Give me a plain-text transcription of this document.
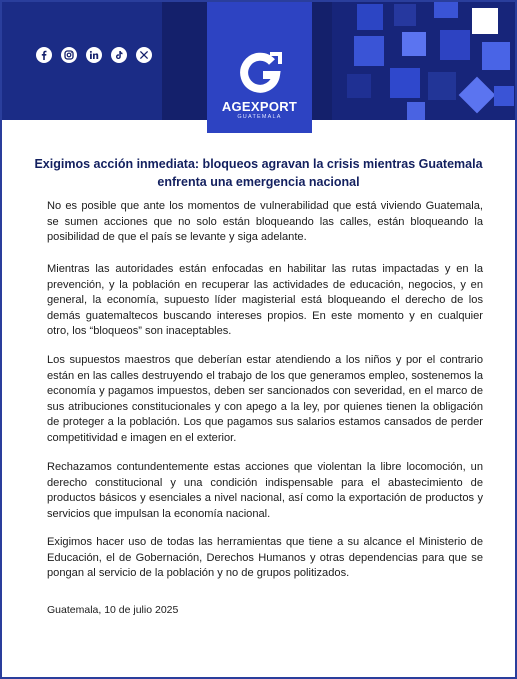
AGEXPORT
GUATEMALA
Exigimos acción inmediata: bloqueos agravan la crisis mientras Guatemala enfrenta una emergencia nacional

No es posible que ante los momentos de vulnerabilidad que está viviendo Guatemala, se sumen acciones que no solo están bloqueando las calles, están bloqueando la posibilidad de que el país se levante y siga adelante.

Mientras las autoridades están enfocadas en habilitar las rutas impactadas y en la prevención, y la población en recuperar las actividades de educación, negocios, y en general, la economía, supuesto líder magisterial está bloqueando el derecho de los demás guatemaltecos buscando intereses propios. En este momento y en cualquier otro, los “bloqueos” son inaceptables.

Los supuestos maestros que deberían estar atendiendo a los niños y por el contrario están en las calles destruyendo el trabajo de los que generamos empleo, sostenemos la economía y pagamos impuestos, deben ser sancionados con severidad, en el marco de sus atribuciones constitucionales y con apego a la ley, por quienes tienen la obligación de proteger a la población. Los que pagamos sus salarios estamos cansados de perder competitividad e imagen en el exterior.

Rechazamos contundentemente estas acciones que violentan la libre locomoción, un derecho constitucional y una condición indispensable para el abastecimiento de productos básicos y esenciales a nivel nacional, así como la exportación de productos y servicios que impulsan la economía nacional.

Exigimos hacer uso de todas las herramientas que tiene a su alcance el Ministerio de Educación, el de Gobernación, Derechos Humanos y otras dependencias para que se pongan al servicio de la población y no de grupos politizados.

Guatemala, 10 de julio 2025
